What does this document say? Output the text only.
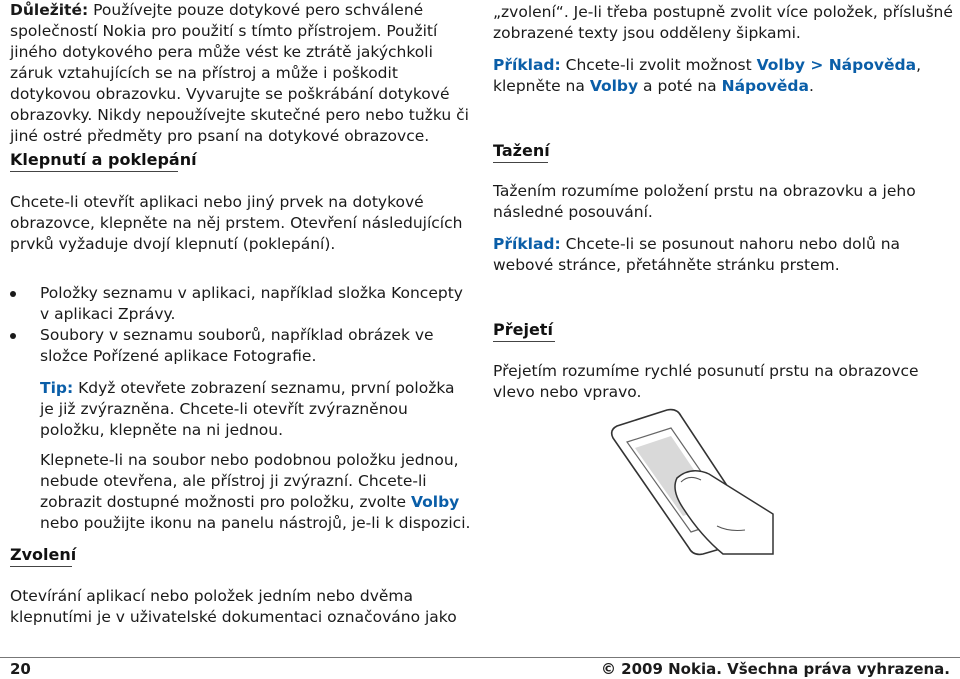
Důležité: Používejte pouze dotykové pero schválené společností Nokia pro použití s tímto přístrojem. Použití jiného dotykového pera může vést ke ztrátě jakýchkoli záruk vztahujících se na přístroj a může i poškodit dotykovou obrazovku. Vyvarujte se poškrábání dotykové obrazovky. Nikdy nepoužívejte skutečné pero nebo tužku či jiné ostré předměty pro psaní na dotykové obrazovce.

Klepnutí a poklepání

Chcete-li otevřít aplikaci nebo jiný prvek na dotykové obrazovce, klepněte na něj prstem. Otevření následujících prvků vyžaduje dvojí klepnutí (poklepání).

Položky seznamu v aplikaci, například složka Koncepty v aplikaci Zprávy.

Soubory v seznamu souborů, například obrázek ve složce Pořízené aplikace Fotografie.

Tip: Když otevřete zobrazení seznamu, první položka je již zvýrazněna. Chcete-li otevřít zvýrazněnou položku, klepněte na ni jednou.

Klepnete-li na soubor nebo podobnou položku jednou, nebude otevřena, ale přístroj ji zvýrazní. Chcete-li zobrazit dostupné možnosti pro položku, zvolte Volby nebo použijte ikonu na panelu nástrojů, je-li k dispozici.

Zvolení

Otevírání aplikací nebo položek jedním nebo dvěma klepnutími je v uživatelské dokumentaci označováno jako

„zvolení“. Je-li třeba postupně zvolit více položek, příslušné zobrazené texty jsou odděleny šipkami.

Příklad: Chcete-li zvolit možnost Volby > Nápověda, klepněte na Volby a poté na Nápověda.

Tažení

Tažením rozumíme položení prstu na obrazovku a jeho následné posouvání.

Příklad: Chcete-li se posunout nahoru nebo dolů na webové stránce, přetáhněte stránku prstem.

Přejetí

Přejetím rozumíme rychlé posunutí prstu na obrazovce vlevo nebo vpravo.

20	© 2009 Nokia. Všechna práva vyhrazena.
